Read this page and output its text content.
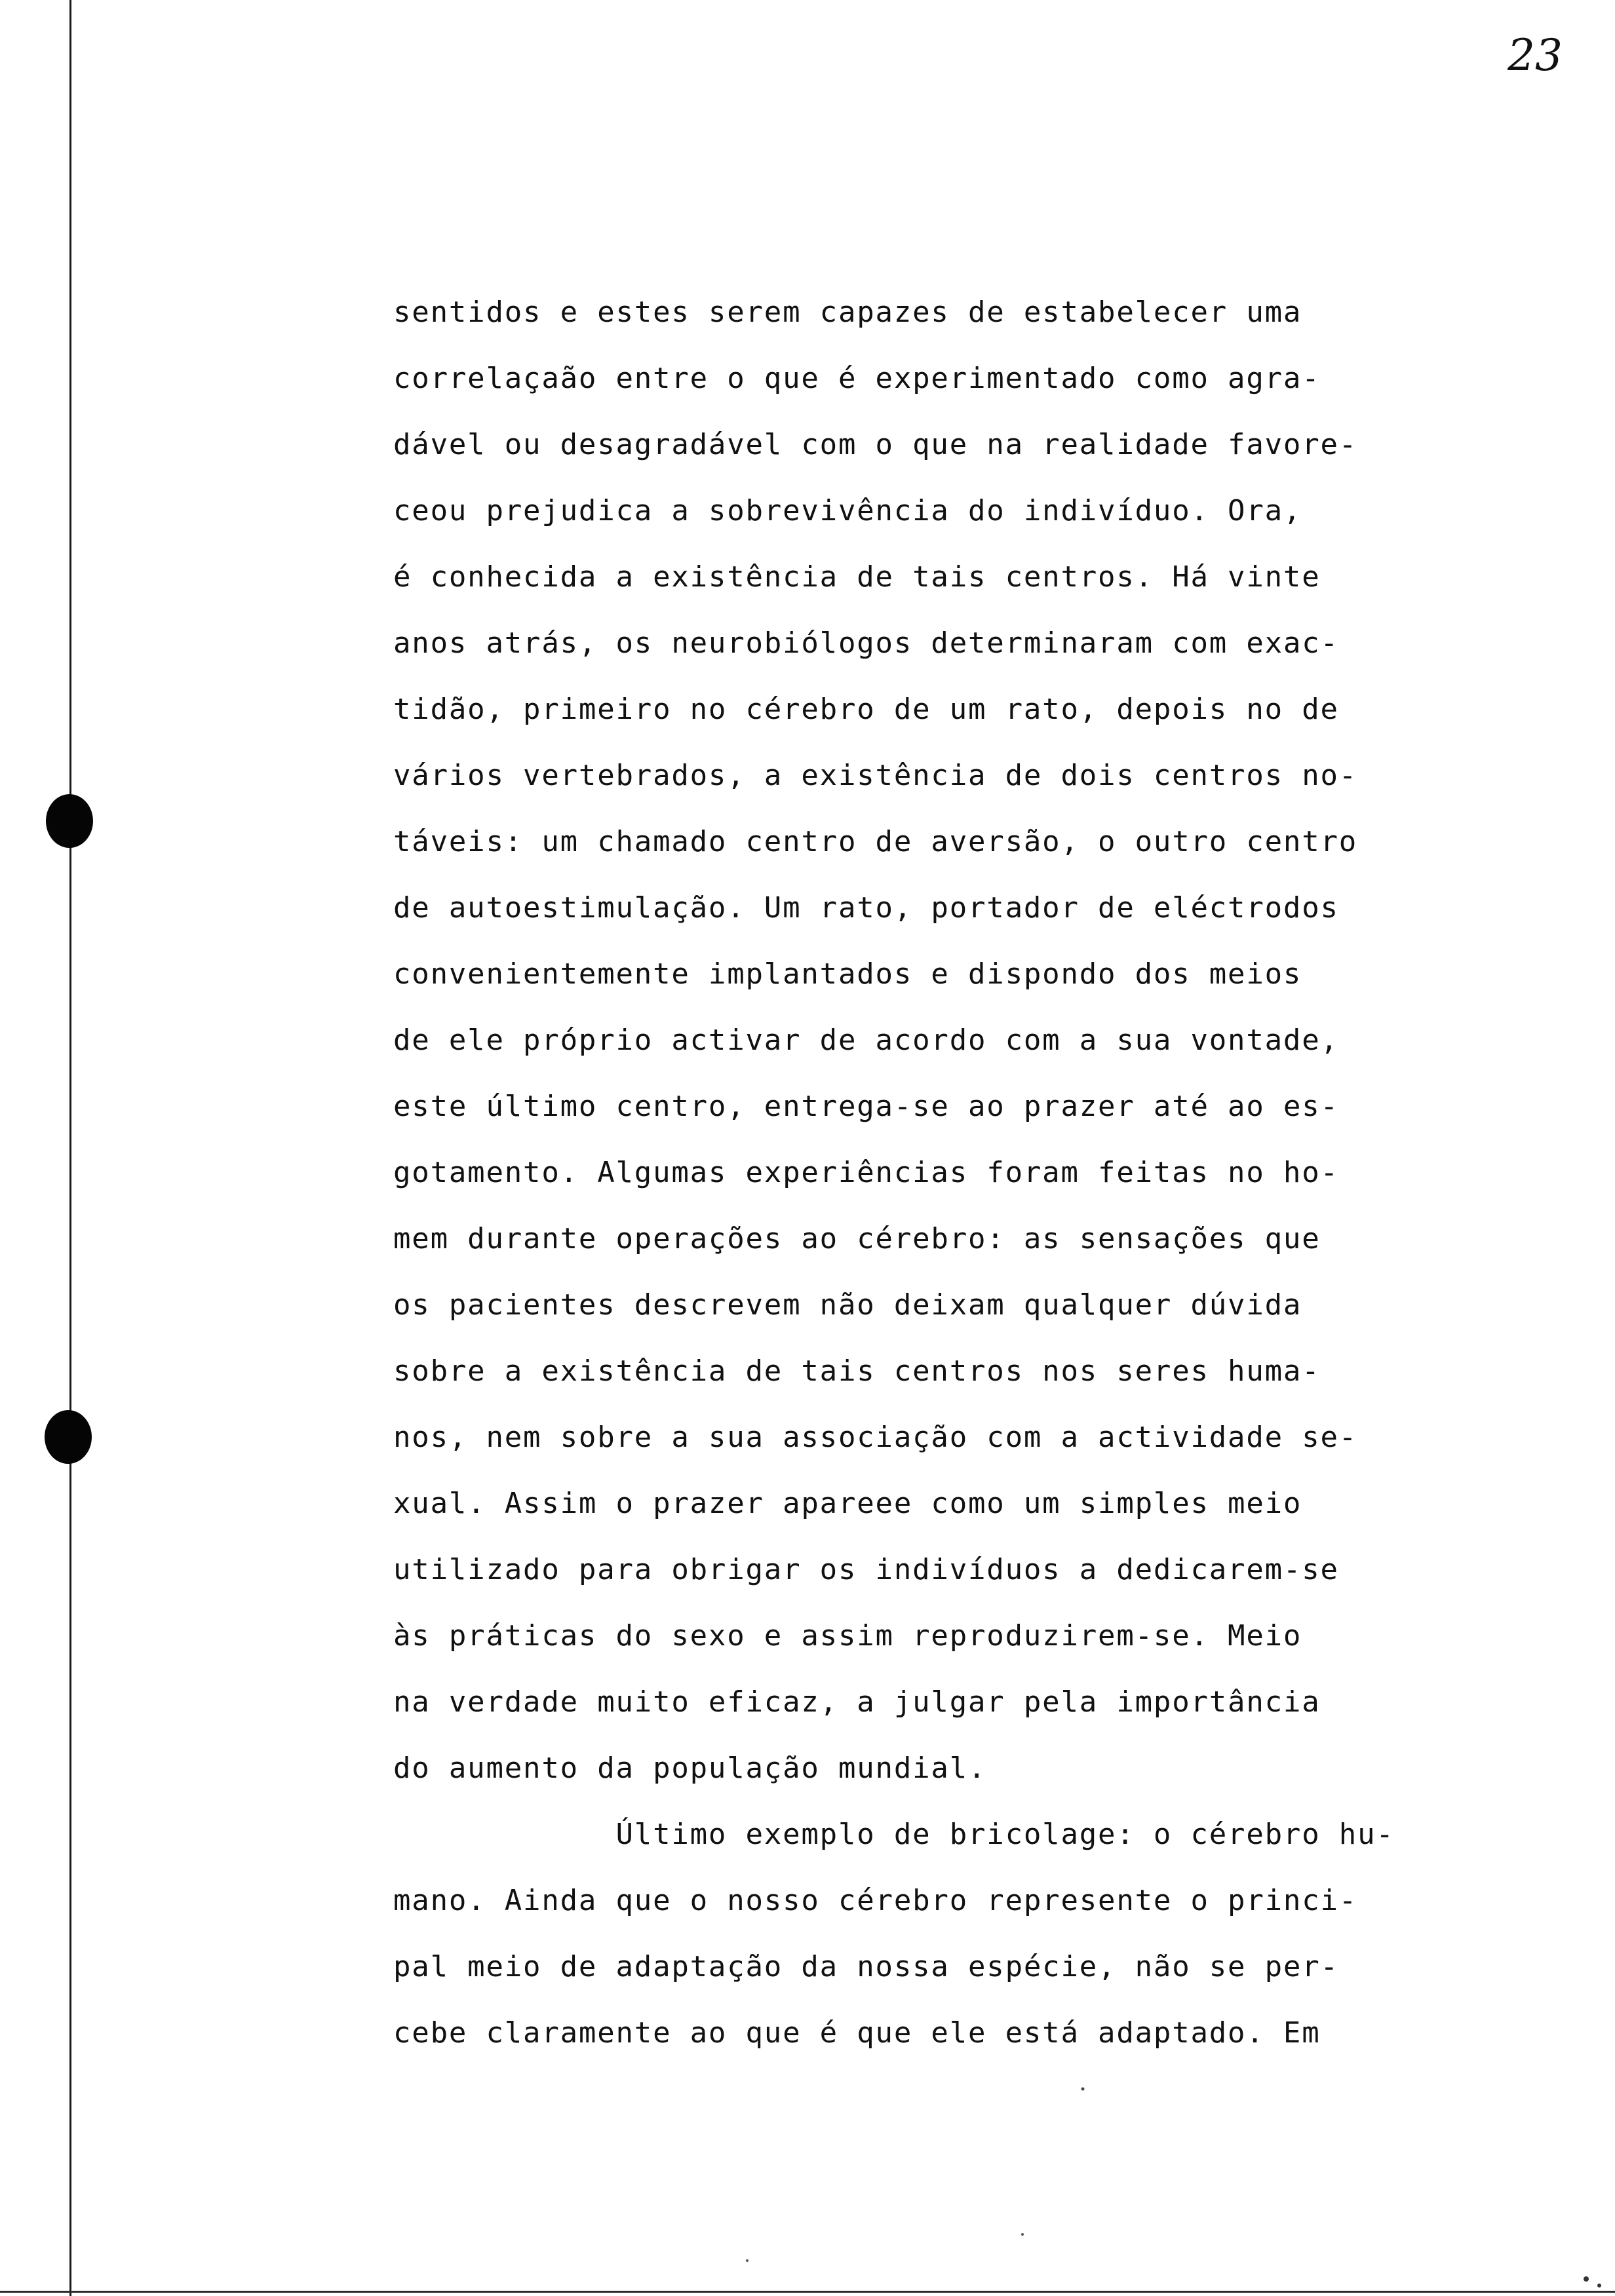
23

sentidos e estes serem capazes de estabelecer uma
correlaçaão entre o que é experimentado como agra-
dável ou desagradável com o que na realidade favore-
ceou prejudica a sobrevivência do indivíduo. Ora,
é conhecida a existência de tais centros. Há vinte
anos atrás, os neurobiólogos determinaram com exac-
tidão, primeiro no cérebro de um rato, depois no de
vários vertebrados, a existência de dois centros no-
táveis: um chamado centro de aversão, o outro centro
de autoestimulação. Um rato, portador de eléctrodos
convenientemente implantados e dispondo dos meios
de ele próprio activar de acordo com a sua vontade,
este último centro, entrega-se ao prazer até ao es-
gotamento. Algumas experiências foram feitas no ho-
mem durante operações ao cérebro: as sensações que
os pacientes descrevem não deixam qualquer dúvida
sobre a existência de tais centros nos seres huma-
nos, nem sobre a sua associação com a actividade se-
xual. Assim o prazer apareee como um simples meio
utilizado para obrigar os indivíduos a dedicarem-se
às práticas do sexo e assim reproduzirem-se. Meio
na verdade muito eficaz, a julgar pela importância
do aumento da população mundial.
Último exemplo de bricolage: o cérebro hu-
mano. Ainda que o nosso cérebro represente o princi-
pal meio de adaptação da nossa espécie, não se per-
cebe claramente ao que é que ele está adaptado. Em
